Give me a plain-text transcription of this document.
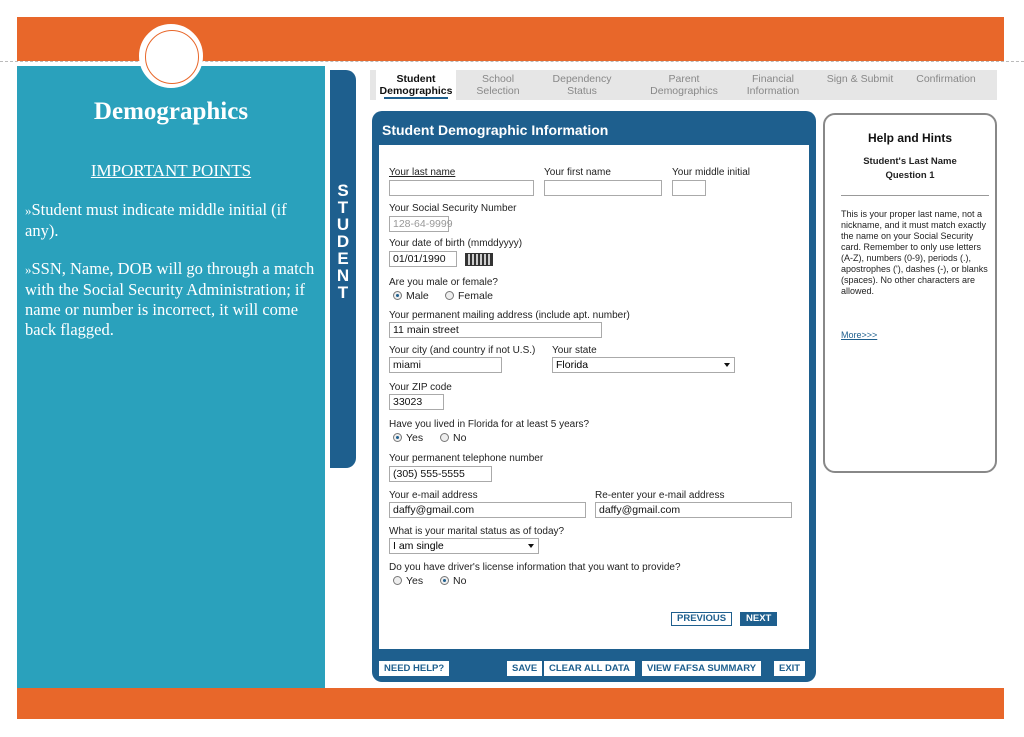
Demographics
IMPORTANT POINTS
»Student must indicate middle initial (if any).
»SSN, Name, DOB will go through a match with the Social Security Administration; if name or number is incorrect, it will come back flagged.
S
T
U
D
E
N
T
Student
Demographics
School
Selection
Dependency
Status
Parent
Demographics
Financial
Information
Sign & Submit	Confirmation
Student Demographic Information
Your last name	Your first name	Your middle initial
Your Social Security Number
128-64-9999
Your date of birth (mmddyyyy)
01/01/1990
Are you male or female?
Male	Female
Your permanent mailing address (include apt. number)
11 main street
Your city (and country if not U.S.)
miami
Your state
Florida
Your ZIP code
33023
Have you lived in Florida for at least 5 years?
Yes	No
Your permanent telephone number
(305) 555-5555
Your e-mail address
daffy@gmail.com
Re-enter your e-mail address
daffy@gmail.com
What is your marital status as of today?
I am single
Do you have driver's license information that you want to provide?
Yes	No
PREVIOUS	NEXT
NEED HELP?	SAVE	CLEAR ALL DATA	VIEW FAFSA SUMMARY	EXIT
Help and Hints
Student's Last Name
Question 1
This is your proper last name, not a nickname, and it must match exactly the name on your Social Security card. Remember to only use letters (A-Z), numbers (0-9), periods (.), apostrophes ('), dashes (-), or blanks (spaces). No other characters are allowed.
More>>>
